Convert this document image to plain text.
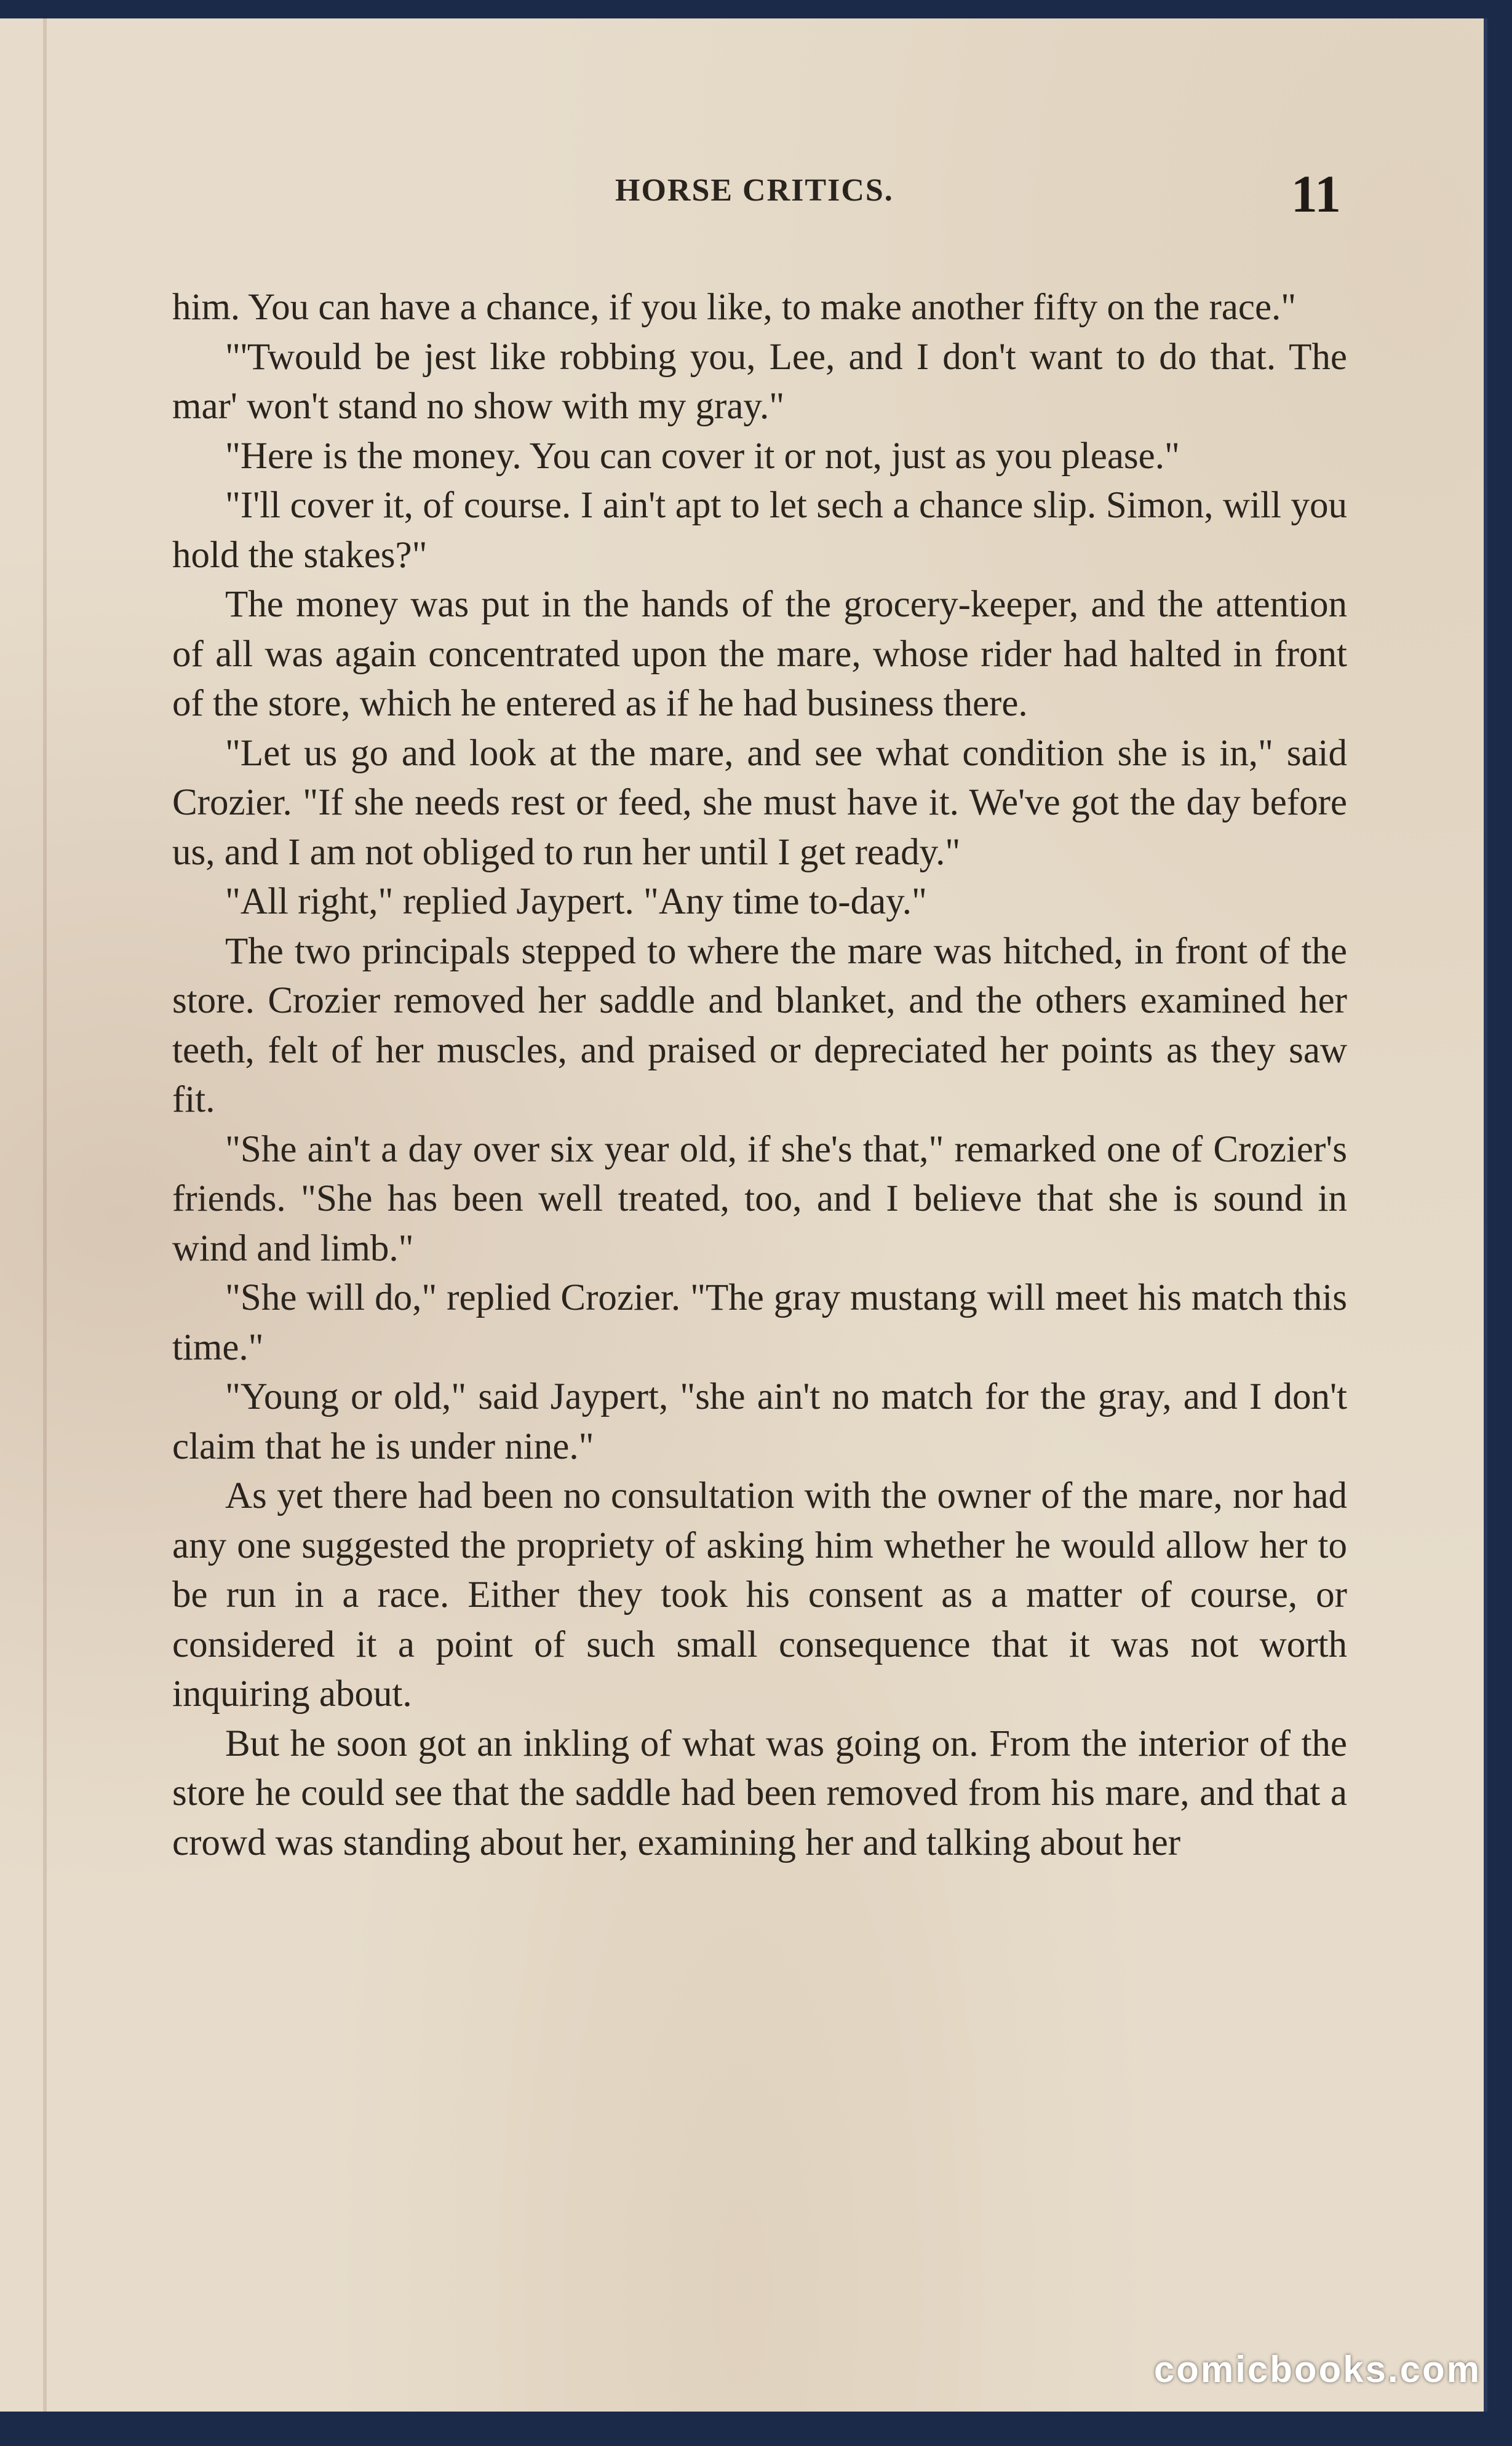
HORSE CRITICS.	11

him. You can have a chance, if you like, to make another fifty on the race."

"'Twould be jest like robbing you, Lee, and I don't want to do that. The mar' won't stand no show with my gray."

"Here is the money. You can cover it or not, just as you please."

"I'll cover it, of course. I ain't apt to let sech a chance slip. Simon, will you hold the stakes?"

The money was put in the hands of the grocery-keeper, and the attention of all was again concentrated upon the mare, whose rider had halted in front of the store, which he entered as if he had business there.

"Let us go and look at the mare, and see what condition she is in," said Crozier. "If she needs rest or feed, she must have it. We've got the day before us, and I am not obliged to run her until I get ready."

"All right," replied Jaypert. "Any time to-day."

The two principals stepped to where the mare was hitched, in front of the store. Crozier removed her saddle and blanket, and the others examined her teeth, felt of her muscles, and praised or depreciated her points as they saw fit.

"She ain't a day over six year old, if she's that," remarked one of Crozier's friends. "She has been well treated, too, and I believe that she is sound in wind and limb."

"She will do," replied Crozier. "The gray mustang will meet his match this time."

"Young or old," said Jaypert, "she ain't no match for the gray, and I don't claim that he is under nine."

As yet there had been no consultation with the owner of the mare, nor had any one suggested the propriety of asking him whether he would allow her to be run in a race. Either they took his consent as a matter of course, or considered it a point of such small consequence that it was not worth inquiring about.

But he soon got an inkling of what was going on. From the interior of the store he could see that the saddle had been removed from his mare, and that a crowd was standing about her, examining her and talking about her

comicbooks.com
